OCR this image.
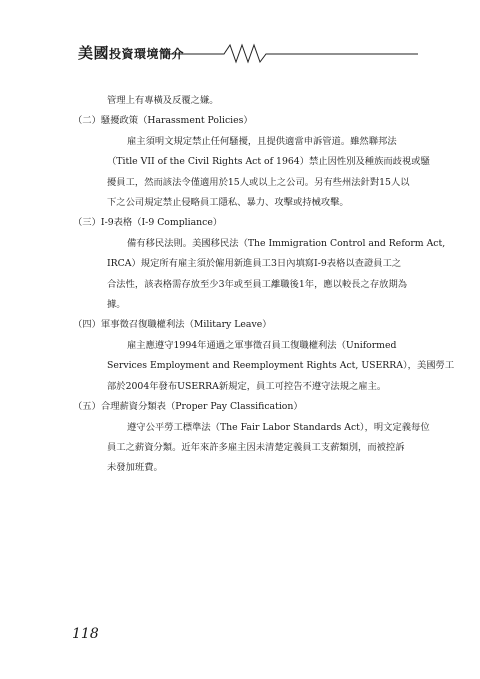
美國投資環境簡介

管理上有專橫及反覆之嫌。

（二）騷擾政策（Harassment Policies）

雇主須明文規定禁止任何騷擾，且提供適當申訴管道。雖然聯邦法

（Title VII of the Civil Rights Act of 1964）禁止因性別及種族而歧視或騷

擾員工，然而該法令僅適用於15人或以上之公司。另有些州法針對15人以

下之公司規定禁止侵略員工隱私、暴力、攻擊或持械攻擊。

（三）I-9表格（I-9 Compliance）

備有移民法則。美國移民法（The Immigration Control and Reform Act,

IRCA）規定所有雇主須於僱用新進員工3日內填寫I-9表格以查證員工之

合法性，該表格需存放至少3年或至員工離職後1年，應以較長之存放期為

據。

（四）軍事徵召復職權利法（Military Leave）

雇主應遵守1994年通過之軍事徵召員工復職權利法（Uniformed

Services Employment and Reemployment Rights Act, USERRA），美國勞工

部於2004年發布USERRA新規定，員工可控告不遵守法規之雇主。

（五）合理薪資分類表（Proper Pay Classification）

遵守公平勞工標準法（The Fair Labor Standards Act），明文定義每位

員工之薪資分類。近年來許多雇主因未清楚定義員工支薪類別，而被控訴

未發加班費。

118
